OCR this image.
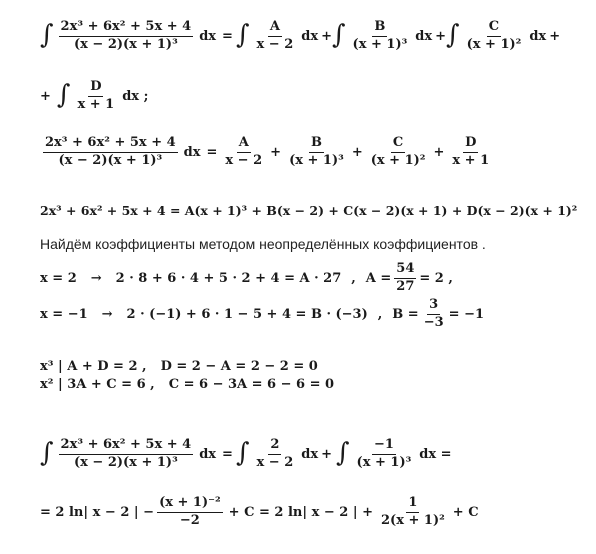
∫ $\frac{\text{2x³ + 6x² + 5x + 4}}{\text{(x − 2)(x + 1)³}}$ dx = ∫ $\frac{A}{x - 2}$ dx + ∫ $\frac{B}{\text{(x + 1)³}}$ dx + ∫ $\frac{C}{\text{(x + 1)²}}$ dx +
+ ∫ $\frac{D}{x + 1}$ dx ;
$\frac{\text{2x³ + 6x² + 5x + 4}}{\text{(x − 2)(x + 1)³}}$ dx = $\frac{A}{x - 2} + \frac{B}{\text{(x + 1)³}} + \frac{C}{\text{(x + 1)²}} + \frac{D}{x + 1}$
2x³ + 6x² + 5x + 4 = A(x + 1)³ + B(x − 2) + C(x − 2)(x + 1) + D(x − 2)(x + 1)²
Найдём коэффициенты методом неопределённых коэффициентов .
x = 2 → 2 · 8 + 6 · 4 + 5 · 2 + 4 = A · 27 , $A = \frac{54}{27} = 2$ ,
x = −1 → 2 · (−1) + 6 · 1 − 5 + 4 = B · (−3) , $B = \frac{3}{-3} = -1$
x³ | A + D = 2 , D = 2 − A = 2 − 2 = 0
x² | 3A + C = 6 , C = 6 − 3A = 6 − 6 = 0
∫ $\frac{\text{2x³ + 6x² + 5x + 4}}{\text{(x − 2)(x + 1)³}}$ dx = ∫ $\frac{2}{x - 2}$ dx + ∫ $\frac{-1}{\text{(x + 1)³}}$ dx =
= 2 ln| x − 2 | − $\frac{\text{(x + 1)⁻²}}{-2} + C = 2$ ln| x − 2 | + $\frac{1}{\text{2(x + 1)²}} + C$
